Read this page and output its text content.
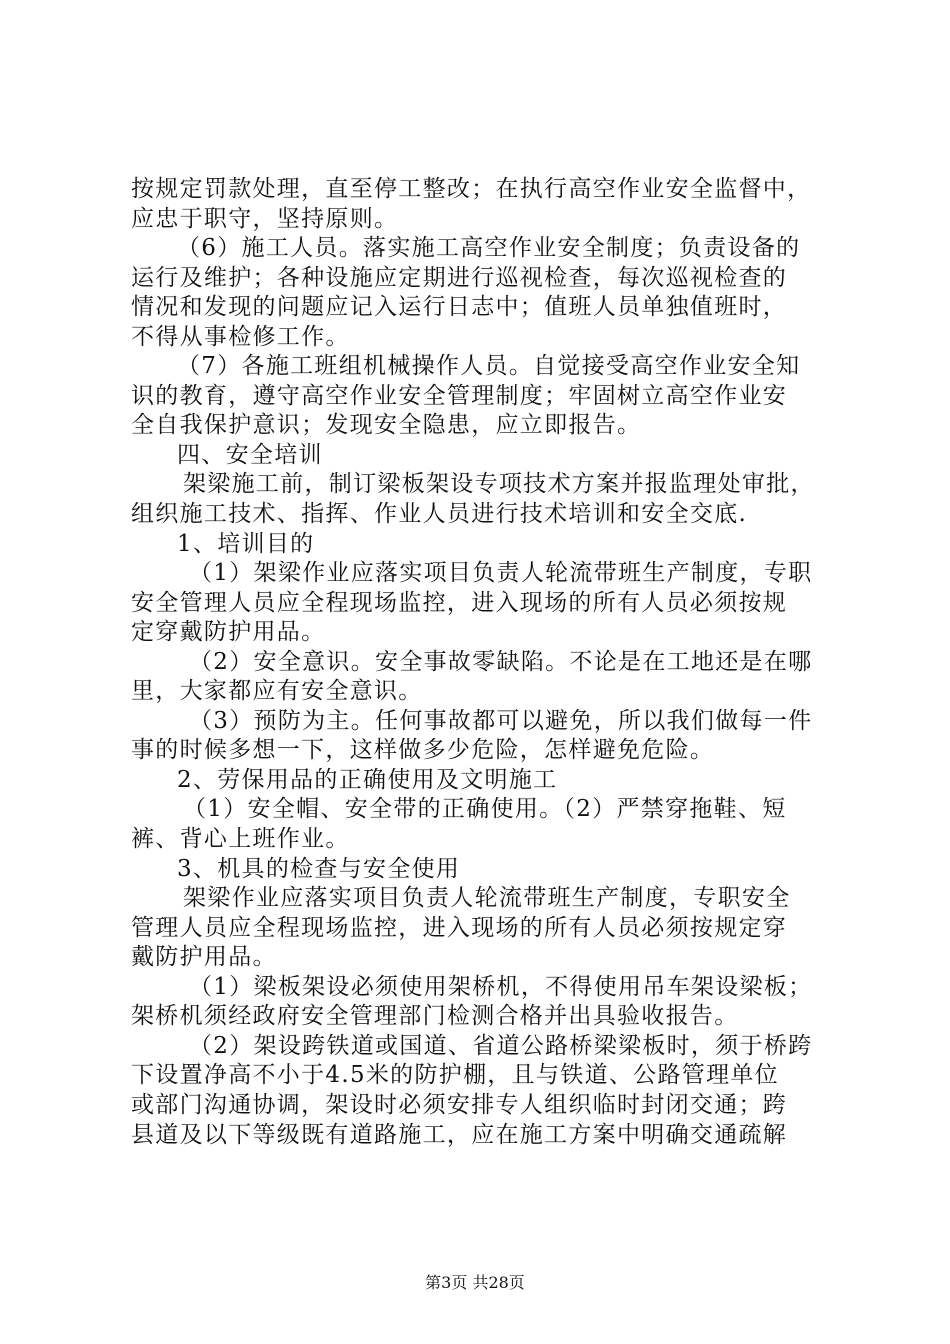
按规定罚款处理，直至停工整改；在执行高空作业安全监督中，
应忠于职守，坚持原则。
（6）施工人员。落实施工高空作业安全制度；负责设备的
运行及维护；各种设施应定期进行巡视检查，每次巡视检查的
情况和发现的问题应记入运行日志中；值班人员单独值班时，
不得从事检修工作。
（7）各施工班组机械操作人员。自觉接受高空作业安全知
识的教育，遵守高空作业安全管理制度；牢固树立高空作业安
全自我保护意识；发现安全隐患，应立即报告。
四、安全培训
架梁施工前，制订梁板架设专项技术方案并报监理处审批，
组织施工技术、指挥、作业人员进行技术培训和安全交底.
1、培训目的
（1）架梁作业应落实项目负责人轮流带班生产制度，专职
安全管理人员应全程现场监控，进入现场的所有人员必须按规
定穿戴防护用品。
（2）安全意识。安全事故零缺陷。不论是在工地还是在哪
里，大家都应有安全意识。
（3）预防为主。任何事故都可以避免，所以我们做每一件
事的时候多想一下，这样做多少危险，怎样避免危险。
2、劳保用品的正确使用及文明施工
（1）安全帽、安全带的正确使用。（2）严禁穿拖鞋、短
裤、背心上班作业。
3、机具的检查与安全使用
架梁作业应落实项目负责人轮流带班生产制度，专职安全
管理人员应全程现场监控，进入现场的所有人员必须按规定穿
戴防护用品。
（1）梁板架设必须使用架桥机，不得使用吊车架设梁板；
架桥机须经政府安全管理部门检测合格并出具验收报告。
（2）架设跨铁道或国道、省道公路桥梁梁板时，须于桥跨
下设置净高不小于4.5米的防护棚，且与铁道、公路管理单位
或部门沟通协调，架设时必须安排专人组织临时封闭交通；跨
县道及以下等级既有道路施工，应在施工方案中明确交通疏解
第3页 共28页
